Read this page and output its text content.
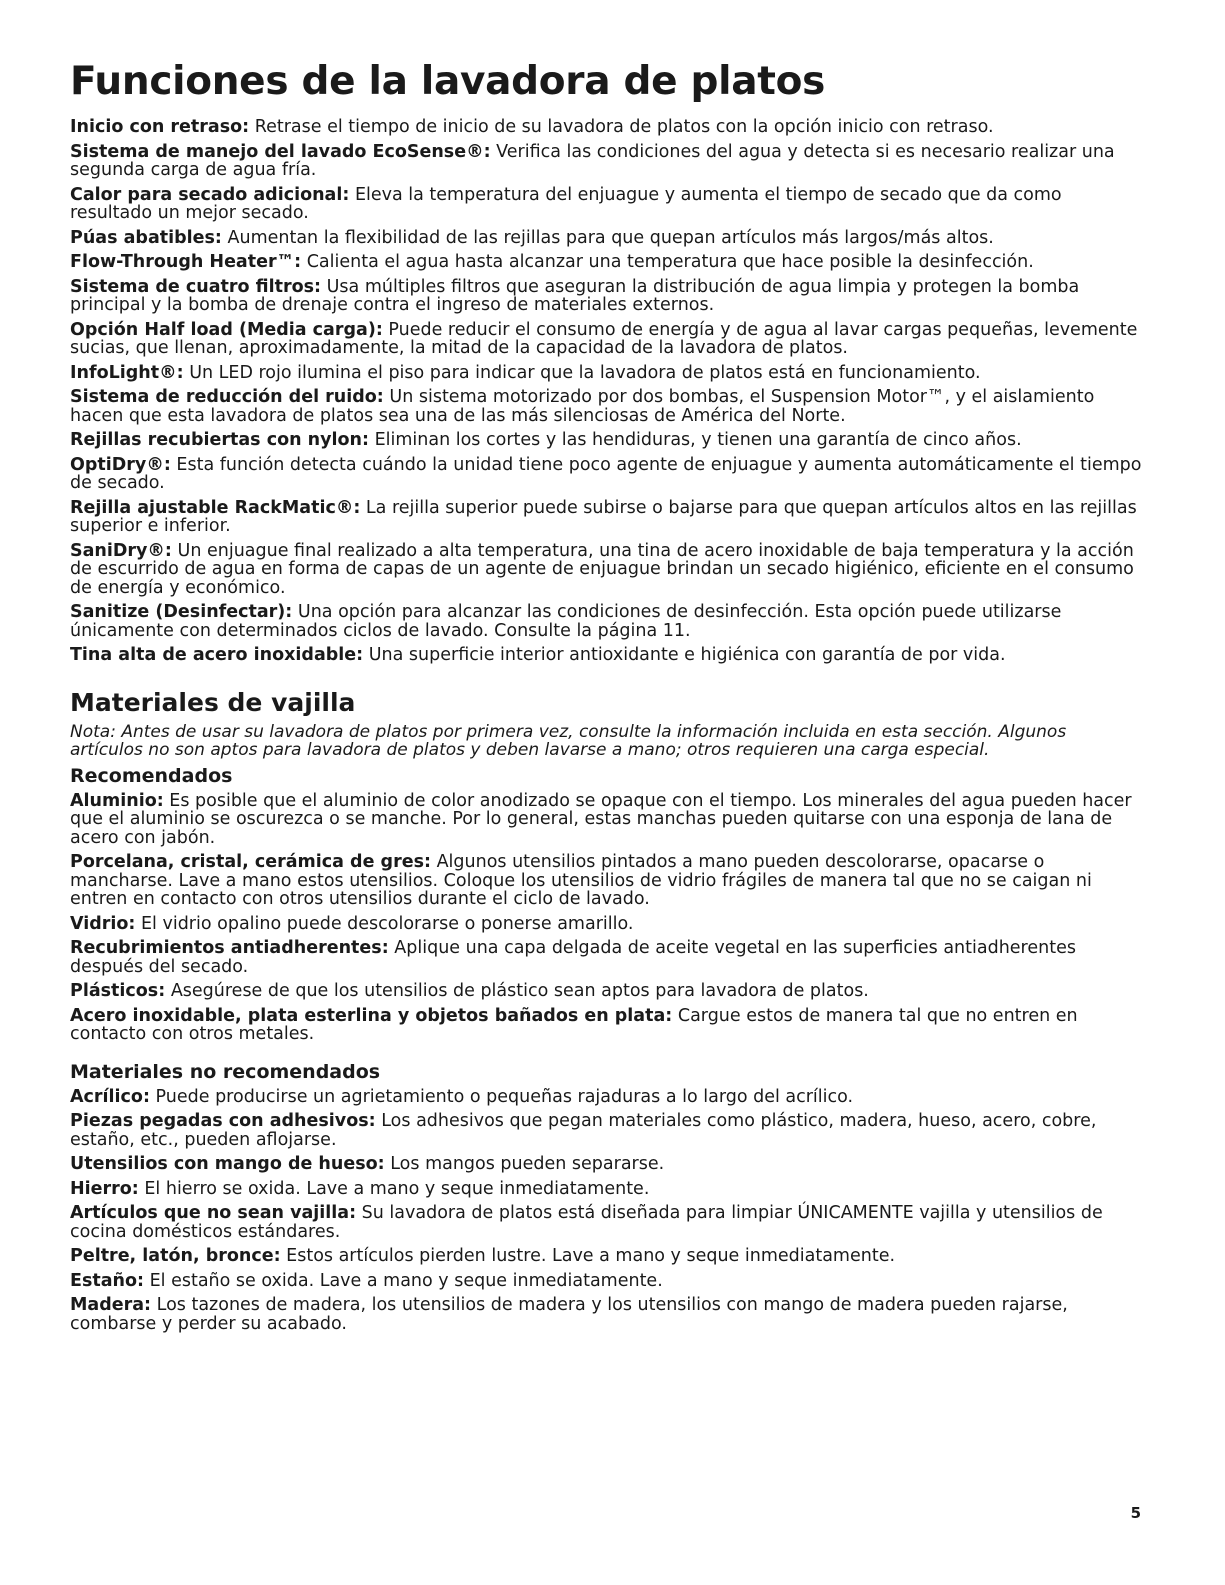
Funciones de la lavadora de platos

Inicio con retraso: Retrase el tiempo de inicio de su lavadora de platos con la opción inicio con retraso.

Sistema de manejo del lavado EcoSense®: Verifica las condiciones del agua y detecta si es necesario realizar una segunda carga de agua fría.

Calor para secado adicional: Eleva la temperatura del enjuague y aumenta el tiempo de secado que da como resultado un mejor secado.

Púas abatibles: Aumentan la flexibilidad de las rejillas para que quepan artículos más largos/más altos.

Flow-Through Heater™: Calienta el agua hasta alcanzar una temperatura que hace posible la desinfección.

Sistema de cuatro filtros: Usa múltiples filtros que aseguran la distribución de agua limpia y protegen la bomba principal y la bomba de drenaje contra el ingreso de materiales externos.

Opción Half load (Media carga): Puede reducir el consumo de energía y de agua al lavar cargas pequeñas, levemente sucias, que llenan, aproximadamente, la mitad de la capacidad de la lavadora de platos.

InfoLight®: Un LED rojo ilumina el piso para indicar que la lavadora de platos está en funcionamiento.

Sistema de reducción del ruido: Un sistema motorizado por dos bombas, el Suspension Motor™, y el aislamiento hacen que esta lavadora de platos sea una de las más silenciosas de América del Norte.

Rejillas recubiertas con nylon: Eliminan los cortes y las hendiduras, y tienen una garantía de cinco años.

OptiDry®: Esta función detecta cuándo la unidad tiene poco agente de enjuague y aumenta automáticamente el tiempo de secado.

Rejilla ajustable RackMatic®: La rejilla superior puede subirse o bajarse para que quepan artículos altos en las rejillas superior e inferior.

SaniDry®: Un enjuague final realizado a alta temperatura, una tina de acero inoxidable de baja temperatura y la acción de escurrido de agua en forma de capas de un agente de enjuague brindan un secado higiénico, eficiente en el consumo de energía y económico.

Sanitize (Desinfectar): Una opción para alcanzar las condiciones de desinfección. Esta opción puede utilizarse únicamente con determinados ciclos de lavado. Consulte la página 11.

Tina alta de acero inoxidable: Una superficie interior antioxidante e higiénica con garantía de por vida.

Materiales de vajilla

Nota: Antes de usar su lavadora de platos por primera vez, consulte la información incluida en esta sección. Algunos artículos no son aptos para lavadora de platos y deben lavarse a mano; otros requieren una carga especial.

Recomendados

Aluminio: Es posible que el aluminio de color anodizado se opaque con el tiempo. Los minerales del agua pueden hacer que el aluminio se oscurezca o se manche. Por lo general, estas manchas pueden quitarse con una esponja de lana de acero con jabón.

Porcelana, cristal, cerámica de gres: Algunos utensilios pintados a mano pueden descolorarse, opacarse o mancharse. Lave a mano estos utensilios. Coloque los utensilios de vidrio frágiles de manera tal que no se caigan ni entren en contacto con otros utensilios durante el ciclo de lavado.

Vidrio: El vidrio opalino puede descolorarse o ponerse amarillo.

Recubrimientos antiadherentes: Aplique una capa delgada de aceite vegetal en las superficies antiadherentes después del secado.

Plásticos: Asegúrese de que los utensilios de plástico sean aptos para lavadora de platos.

Acero inoxidable, plata esterlina y objetos bañados en plata: Cargue estos de manera tal que no entren en contacto con otros metales.

Materiales no recomendados

Acrílico: Puede producirse un agrietamiento o pequeñas rajaduras a lo largo del acrílico.

Piezas pegadas con adhesivos: Los adhesivos que pegan materiales como plástico, madera, hueso, acero, cobre, estaño, etc., pueden aflojarse.

Utensilios con mango de hueso: Los mangos pueden separarse.

Hierro: El hierro se oxida. Lave a mano y seque inmediatamente.

Artículos que no sean vajilla: Su lavadora de platos está diseñada para limpiar ÚNICAMENTE vajilla y utensilios de cocina domésticos estándares.

Peltre, latón, bronce: Estos artículos pierden lustre. Lave a mano y seque inmediatamente.

Estaño: El estaño se oxida. Lave a mano y seque inmediatamente.

Madera: Los tazones de madera, los utensilios de madera y los utensilios con mango de madera pueden rajarse, combarse y perder su acabado.

5
